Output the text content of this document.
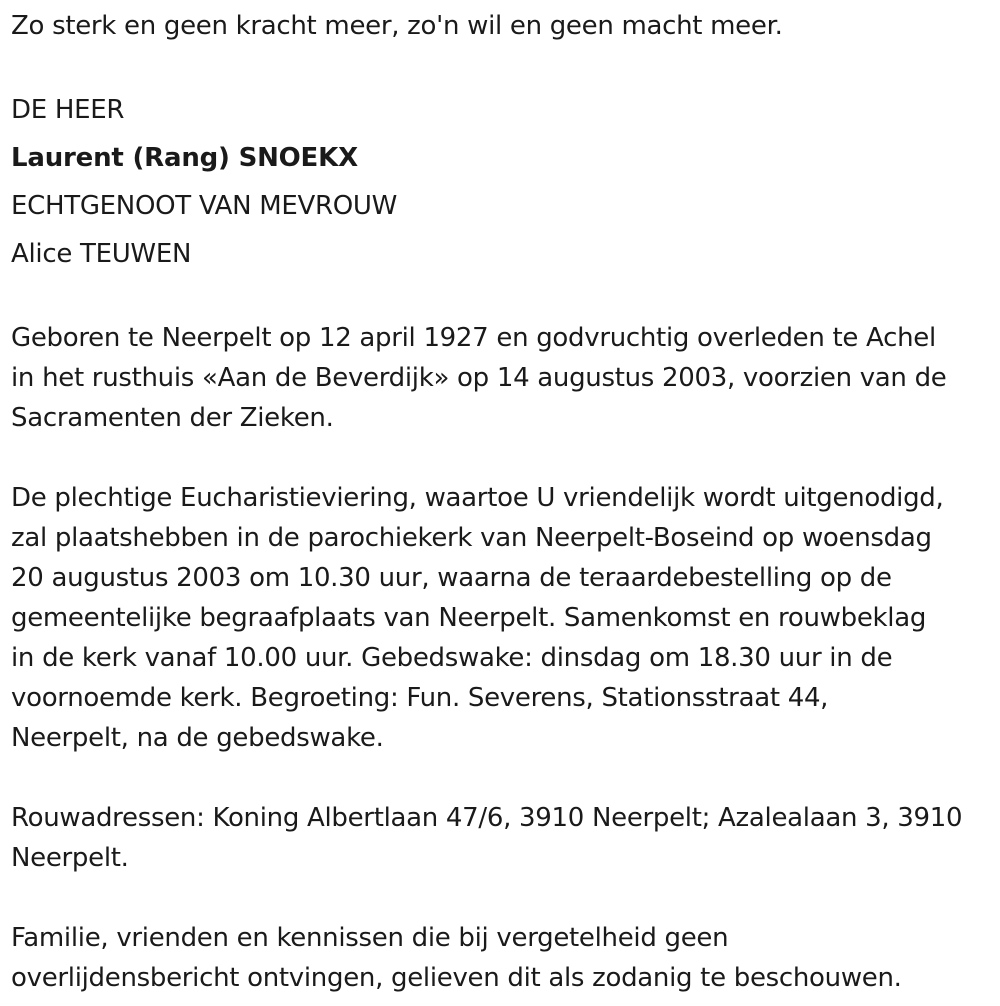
Zo sterk en geen kracht meer, zo'n wil en geen macht meer.
DE HEER
Laurent (Rang) SNOEKX
ECHTGENOOT VAN MEVROUW
Alice TEUWEN
Geboren te Neerpelt op 12 april 1927 en godvruchtig overleden te Achel
in het rusthuis «Aan de Beverdijk» op 14 augustus 2003, voorzien van de
Sacramenten der Zieken.
De plechtige Eucharistieviering, waartoe U vriendelijk wordt uitgenodigd,
zal plaatshebben in de parochiekerk van Neerpelt-Boseind op woensdag
20 augustus 2003 om 10.30 uur, waarna de teraardebestelling op de
gemeentelijke begraafplaats van Neerpelt. Samenkomst en rouwbeklag
in de kerk vanaf 10.00 uur. Gebedswake: dinsdag om 18.30 uur in de
voornoemde kerk. Begroeting: Fun. Severens, Stationsstraat 44,
Neerpelt, na de gebedswake.
Rouwadressen: Koning Albertlaan 47/6, 3910 Neerpelt; Azalealaan 3, 3910
Neerpelt.
Familie, vrienden en kennissen die bij vergetelheid geen
overlijdensbericht ontvingen, gelieven dit als zodanig te beschouwen.
